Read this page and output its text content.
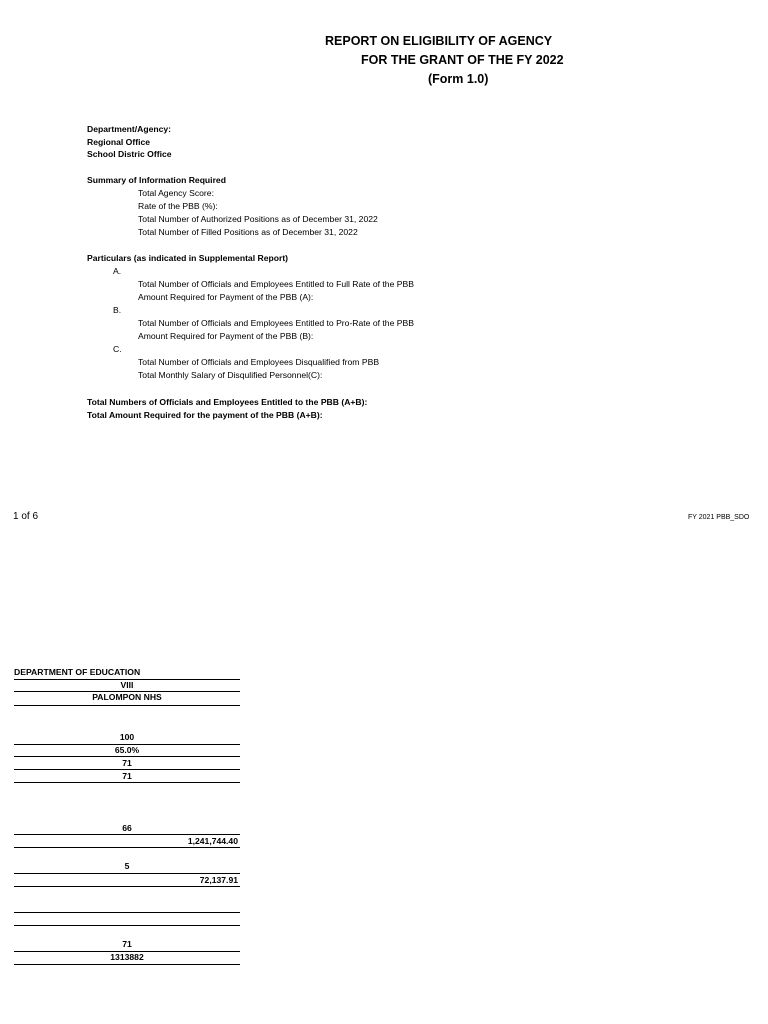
REPORT ON ELIGIBILITY OF AGENCY
FOR THE GRANT OF THE FY 2022
(Form 1.0)
Department/Agency:
Regional Office
School Distric Office
Summary of Information Required
Total Agency Score:
Rate of the PBB (%):
Total Number of Authorized Positions as of December 31, 2022
Total Number of Filled Positions as of December 31, 2022
Particulars (as indicated in Supplemental Report)
A.
Total Number of Officials and Employees Entitled to Full Rate of the PBB
Amount Required for Payment of the PBB (A):
B.
Total Number of Officials and Employees Entitled to Pro-Rate of the PBB
Amount Required for Payment of the PBB (B):
C.
Total Number of Officials and Employees Disqualified from PBB
Total Monthly Salary of Disqulified Personnel(C):
Total Numbers of Officials and Employees Entitled to the PBB (A+B):
Total Amount Required for the payment of the PBB (A+B):
1 of 6	FY 2021 PBB_SDO
DEPARTMENT OF EDUCATION
VIII
PALOMPON NHS
100
65.0%
71
71
66
1,241,744.40
5
72,137.91
71
1313882
